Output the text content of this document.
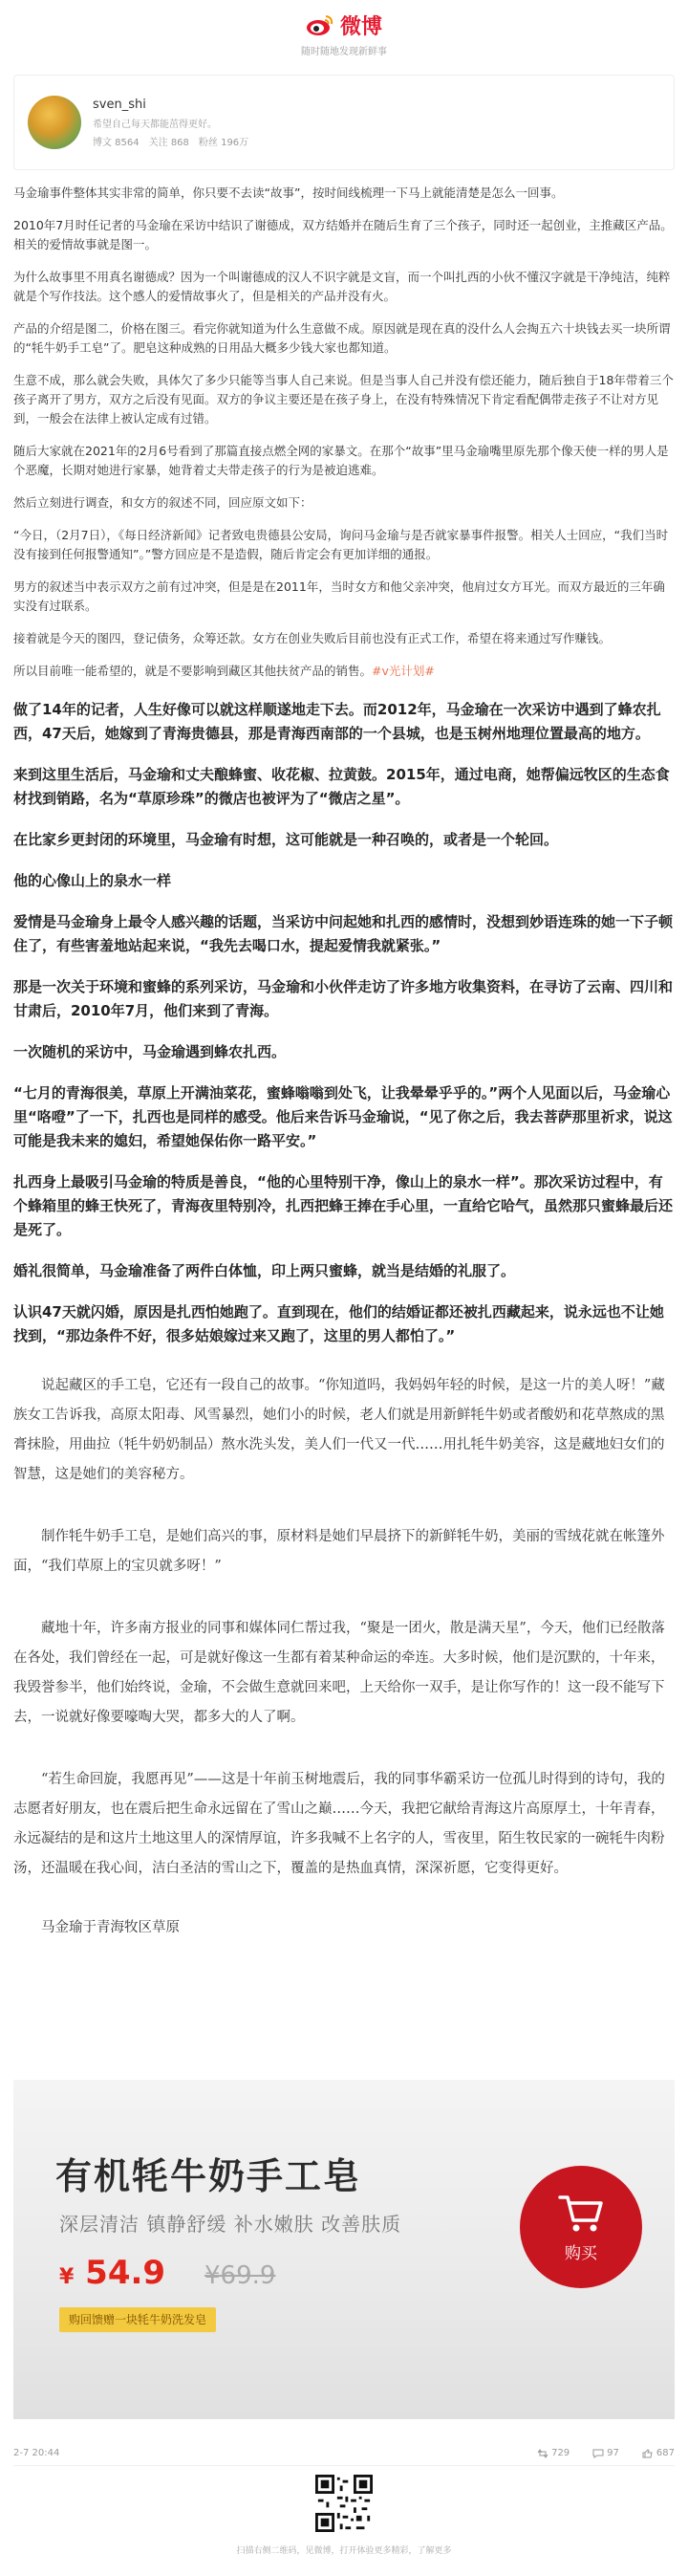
微博
随时随地发现新鲜事
sven_shi
希望自己每天都能茁得更好。
博文 8564 关注 868 粉丝 196万

马金瑜事件整体其实非常的简单，你只要不去读“故事”，按时间线梳理一下马上就能清楚是怎么一回事。

2010年7月时任记者的马金瑜在采访中结识了谢德成，双方结婚并在随后生育了三个孩子，同时还一起创业，主推藏区产品。相关的爱情故事就是图一。

为什么故事里不用真名谢德成？因为一个叫谢德成的汉人不识字就是文盲，而一个叫扎西的小伙不懂汉字就是干净纯洁，纯粹就是个写作技法。这个感人的爱情故事火了，但是相关的产品并没有火。

产品的介绍是图二，价格在图三。看完你就知道为什么生意做不成。原因就是现在真的没什么人会掏五六十块钱去买一块所谓的“牦牛奶手工皂”了。肥皂这种成熟的日用品大概多少钱大家也都知道。

生意不成，那么就会失败，具体欠了多少只能等当事人自己来说。但是当事人自己并没有偿还能力，随后独自于18年带着三个孩子离开了男方，双方之后没有见面。双方的争议主要还是在孩子身上，在没有特殊情况下肯定看配偶带走孩子不让对方见到，一般会在法律上被认定成有过错。

随后大家就在2021年的2月6号看到了那篇直接点燃全网的家暴文。在那个“故事”里马金瑜嘴里原先那个像天使一样的男人是个恶魔，长期对她进行家暴，她背着丈夫带走孩子的行为是被迫逃难。

然后立刻进行调查，和女方的叙述不同，回应原文如下：

“今日，（2月7日），《每日经济新闻》记者致电贵德县公安局，询问马金瑜与是否就家暴事件报警。相关人士回应，“我们当时没有接到任何报警通知”。”警方回应是不是造假，随后肯定会有更加详细的通报。

男方的叙述当中表示双方之前有过冲突，但是是在2011年，当时女方和他父亲冲突，他肩过女方耳光。而双方最近的三年确实没有过联系。

接着就是今天的图四，登记债务，众筹还款。女方在创业失败后目前也没有正式工作，希望在将来通过写作赚钱。

所以目前唯一能希望的，就是不要影响到藏区其他扶贫产品的销售。#v光计划#

做了14年的记者，人生好像可以就这样顺遂地走下去。而2012年，马金瑜在一次采访中遇到了蜂农扎西，47天后，她嫁到了青海贵德县，那是青海西南部的一个县城，也是玉树州地理位置最高的地方。

来到这里生活后，马金瑜和丈夫酿蜂蜜、收花椒、拉黄鼓。2015年，通过电商，她帮偏远牧区的生态食材找到销路，名为“草原珍珠”的微店也被评为了“微店之星”。

在比家乡更封闭的环境里，马金瑜有时想，这可能就是一种召唤的，或者是一个轮回。

他的心像山上的泉水一样

爱情是马金瑜身上最令人感兴趣的话题，当采访中问起她和扎西的感情时，没想到妙语连珠的她一下子顿住了，有些害羞地站起来说，“我先去喝口水，提起爱情我就紧张。”

那是一次关于环境和蜜蜂的系列采访，马金瑜和小伙伴走访了许多地方收集资料，在寻访了云南、四川和甘肃后，2010年7月，他们来到了青海。

一次随机的采访中，马金瑜遇到蜂农扎西。

“七月的青海很美，草原上开满油菜花，蜜蜂嗡嗡到处飞，让我晕晕乎乎的。”两个人见面以后，马金瑜心里“咯噔”了一下，扎西也是同样的感受。他后来告诉马金瑜说，“见了你之后，我去菩萨那里祈求，说这可能是我未来的媳妇，希望她保佑你一路平安。”

扎西身上最吸引马金瑜的特质是善良，“他的心里特别干净，像山上的泉水一样”。那次采访过程中，有个蜂箱里的蜂王快死了，青海夜里特别冷，扎西把蜂王捧在手心里，一直给它哈气，虽然那只蜜蜂最后还是死了。

婚礼很简单，马金瑜准备了两件白体恤，印上两只蜜蜂，就当是结婚的礼服了。

认识47天就闪婚，原因是扎西怕她跑了。直到现在，他们的结婚证都还被扎西藏起来，说永远也不让她找到，“那边条件不好，很多姑娘嫁过来又跑了，这里的男人都怕了。”

说起藏区的手工皂，它还有一段自己的故事。“你知道吗，我妈妈年轻的时候，是这一片的美人呀！”藏族女工告诉我，高原太阳毒、风雪暴烈，她们小的时候，老人们就是用新鲜牦牛奶或者酸奶和花草熬成的黑膏抹脸，用曲拉（牦牛奶奶制品）熬水洗头发，美人们一代又一代……用扎牦牛奶美容，这是藏地妇女们的智慧，这是她们的美容秘方。

制作牦牛奶手工皂，是她们高兴的事，原材料是她们早晨挤下的新鲜牦牛奶，美丽的雪绒花就在帐篷外面，“我们草原上的宝贝就多呀！”

藏地十年，许多南方报业的同事和媒体同仁帮过我，“聚是一团火，散是满天星”，今天，他们已经散落在各处，我们曾经在一起，可是就好像这一生都有着某种命运的牵连。大多时候，他们是沉默的，十年来，我毁誉参半，他们始终说，金瑜，不会做生意就回来吧，上天给你一双手，是让你写作的！这一段不能写下去，一说就好像要嚎啕大哭，都多大的人了啊。

“若生命回旋，我愿再见”——这是十年前玉树地震后，我的同事华霸采访一位孤儿时得到的诗句，我的志愿者好朋友，也在震后把生命永远留在了雪山之巅……今天，我把它献给青海这片高原厚土，十年青春，永远凝结的是和这片土地这里人的深情厚谊，许多我喊不上名字的人，雪夜里，陌生牧民家的一碗牦牛肉粉汤，还温暖在我心间，洁白圣洁的雪山之下，覆盖的是热血真情，深深祈愿，它变得更好。

马金瑜于青海牧区草原

有机牦牛奶手工皂
深层清洁 镇静舒缓 补水嫩肤 改善肤质
¥ 54.9 ¥69.9
购回馈赠一块牦牛奶洗发皂
购买
2-7 20:44	729	97	687
扫描右侧二维码，见微博，打开体验更多精彩，了解更多
